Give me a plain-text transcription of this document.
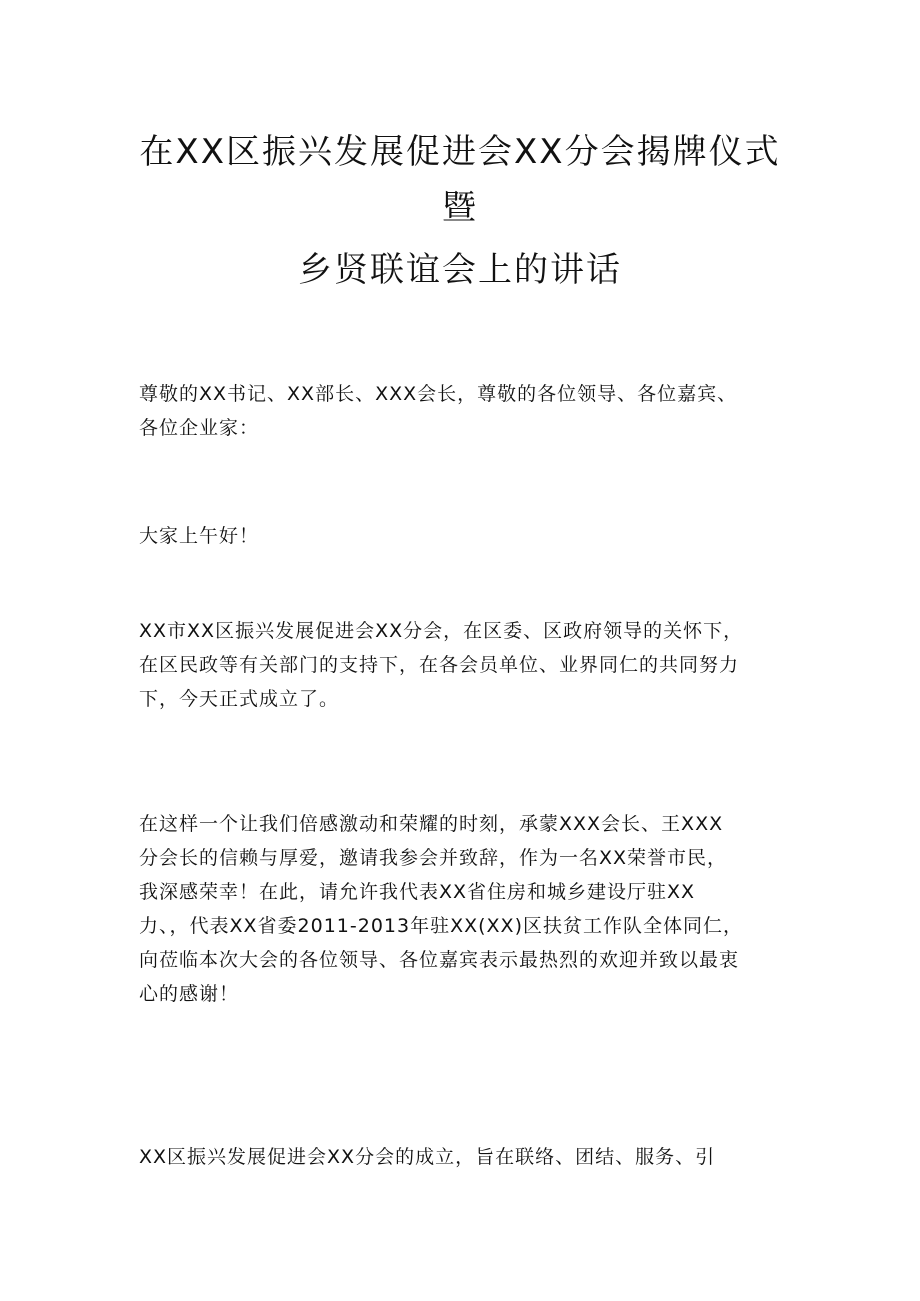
在XX区振兴发展促进会XX分会揭牌仪式
暨
乡贤联谊会上的讲话

尊敬的XX书记、XX部长、XXX会长，尊敬的各位领导、各位嘉宾、
各位企业家：

大家上午好！

XX市XX区振兴发展促进会XX分会，在区委、区政府领导的关怀下，
在区民政等有关部门的支持下，在各会员单位、业界同仁的共同努力
下，今天正式成立了。

在这样一个让我们倍感激动和荣耀的时刻，承蒙XXX会长、王XXX
分会长的信赖与厚爱，邀请我参会并致辞，作为一名XX荣誉市民，
我深感荣幸！在此，请允许我代表XX省住房和城乡建设厅驻XX
力、，代表XX省委2011-2013年驻XX(XX)区扶贫工作队全体同仁，
向莅临本次大会的各位领导、各位嘉宾表示最热烈的欢迎并致以最衷
心的感谢！

XX区振兴发展促进会XX分会的成立，旨在联络、团结、服务、引
